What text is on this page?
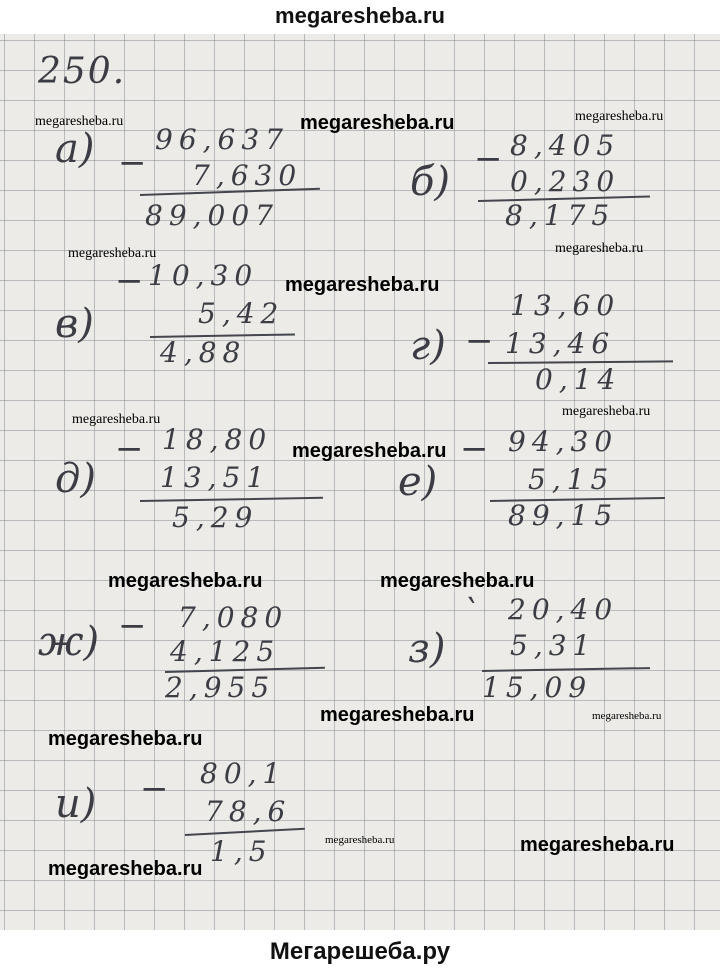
megaresheba.ru
250.
а) −
96,637
7,630
89,007
б) − 8,405
0,230
8,175
в)
− 10,30
5,42
4,88	г) −
13,60
13,46
0,14
д)
− 18,80
13,51
5,29
е)
− 94,30
5,15
89,15
ж) − 7,080
4,125
2,955
з)
` 20,40
5,31
15,09
и) − 80,1
78,6
1,5
megaresheba.ru	megaresheba.ru	megaresheba.ru
megaresheba.ru	megaresheba.ru
megaresheba.ru
megaresheba.ru
megaresheba.ru
megaresheba.ru
megaresheba.ru	megaresheba.ru
megaresheba.ru	megaresheba.ru
megaresheba.ru
megaresheba.ru	megaresheba.ru
megaresheba.ru
Мегарешеба.ру
